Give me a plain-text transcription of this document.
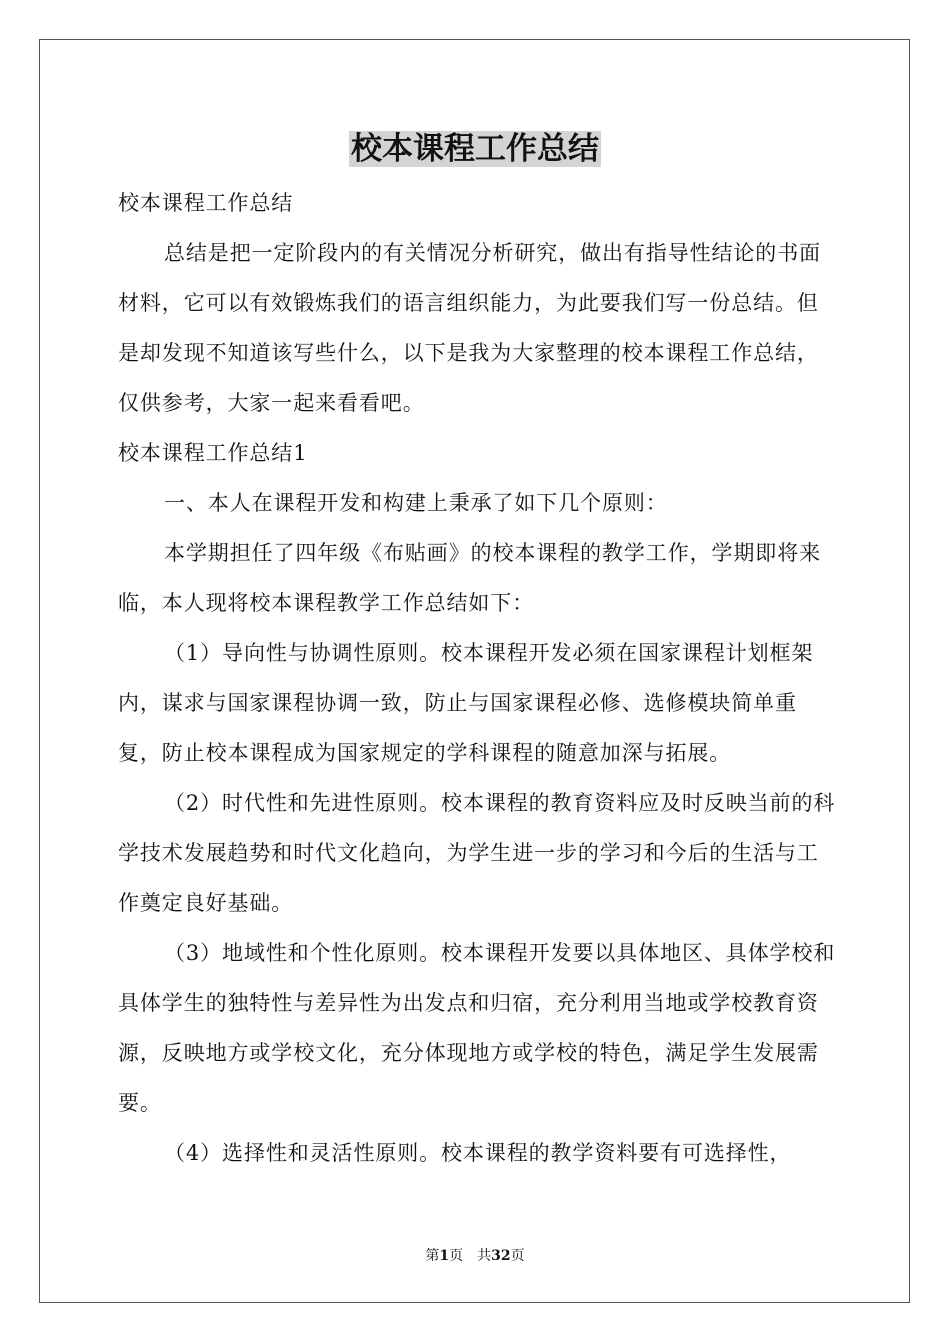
校本课程工作总结

校本课程工作总结

总结是把一定阶段内的有关情况分析研究，做出有指导性结论的书面材料，它可以有效锻炼我们的语言组织能力，为此要我们写一份总结。但是却发现不知道该写些什么，以下是我为大家整理的校本课程工作总结，仅供参考，大家一起来看看吧。

校本课程工作总结1

一、本人在课程开发和构建上秉承了如下几个原则：

本学期担任了四年级《布贴画》的校本课程的教学工作，学期即将来临，本人现将校本课程教学工作总结如下：

（1）导向性与协调性原则。校本课程开发必须在国家课程计划框架内，谋求与国家课程协调一致，防止与国家课程必修、选修模块简单重复，防止校本课程成为国家规定的学科课程的随意加深与拓展。

（2）时代性和先进性原则。校本课程的教育资料应及时反映当前的科学技术发展趋势和时代文化趋向，为学生进一步的学习和今后的生活与工作奠定良好基础。

（3）地域性和个性化原则。校本课程开发要以具体地区、具体学校和具体学生的独特性与差异性为出发点和归宿，充分利用当地或学校教育资源，反映地方或学校文化，充分体现地方或学校的特色，满足学生发展需要。

（4）选择性和灵活性原则。校本课程的教学资料要有可选择性，

第1页　共32页
